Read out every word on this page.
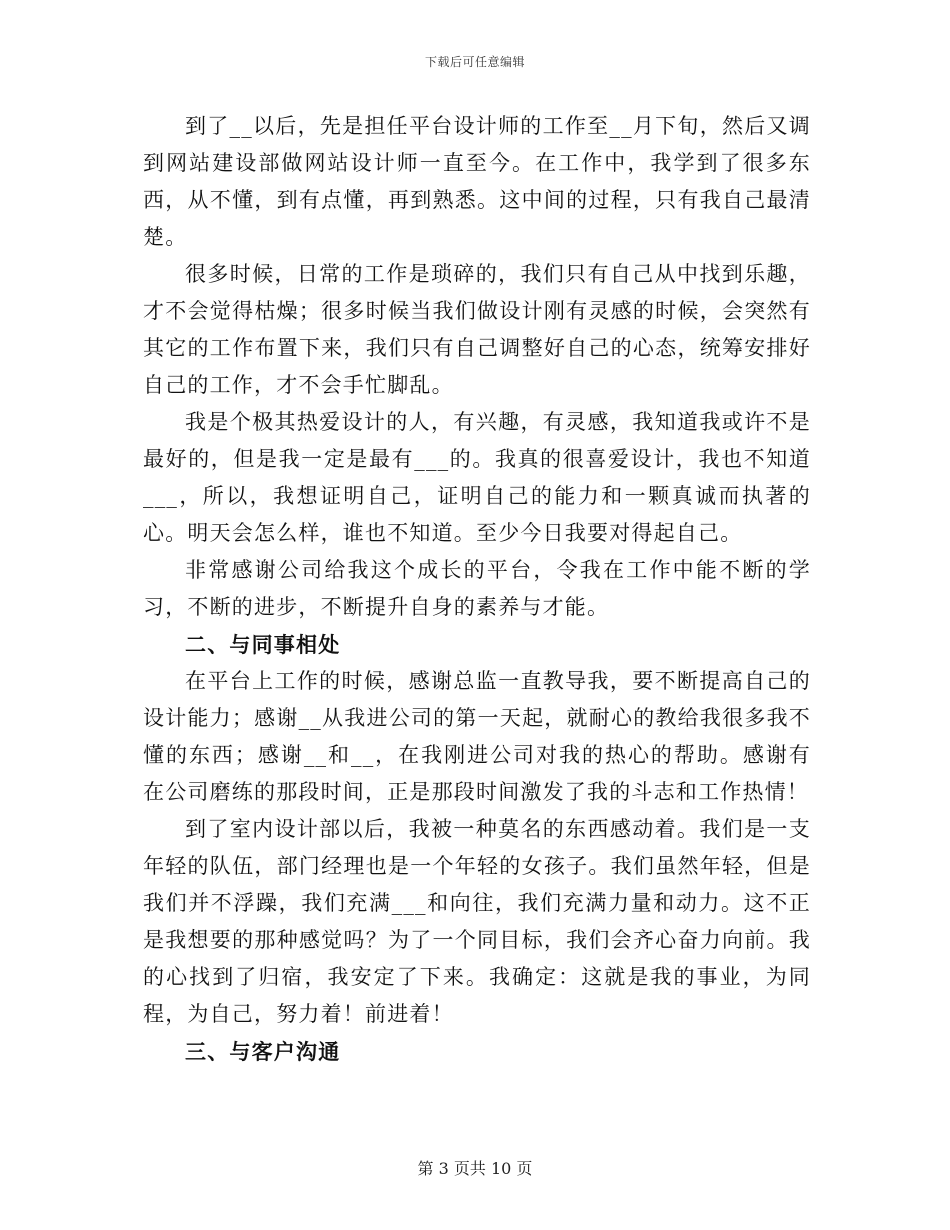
下载后可任意编辑

到了__以后，先是担任平台设计师的工作至__月下旬，然后又调到网站建设部做网站设计师一直至今。在工作中，我学到了很多东西，从不懂，到有点懂，再到熟悉。这中间的过程，只有我自己最清楚。

很多时候，日常的工作是琐碎的，我们只有自己从中找到乐趣，才不会觉得枯燥；很多时候当我们做设计刚有灵感的时候，会突然有其它的工作布置下来，我们只有自己调整好自己的心态，统筹安排好自己的工作，才不会手忙脚乱。

我是个极其热爱设计的人，有兴趣，有灵感，我知道我或许不是最好的，但是我一定是最有___的。我真的很喜爱设计，我也不知道___，所以，我想证明自己，证明自己的能力和一颗真诚而执著的心。明天会怎么样，谁也不知道。至少今日我要对得起自己。

非常感谢公司给我这个成长的平台，令我在工作中能不断的学习，不断的进步，不断提升自身的素养与才能。

二、与同事相处

在平台上工作的时候，感谢总监一直教导我，要不断提高自己的设计能力；感谢__从我进公司的第一天起，就耐心的教给我很多我不懂的东西；感谢__和__，在我刚进公司对我的热心的帮助。感谢有在公司磨练的那段时间，正是那段时间激发了我的斗志和工作热情！

到了室内设计部以后，我被一种莫名的东西感动着。我们是一支年轻的队伍，部门经理也是一个年轻的女孩子。我们虽然年轻，但是我们并不浮躁，我们充满___和向往，我们充满力量和动力。这不正是我想要的那种感觉吗？为了一个同目标，我们会齐心奋力向前。我的心找到了归宿，我安定了下来。我确定：这就是我的事业，为同程，为自己，努力着！前进着！

三、与客户沟通

第 3 页共 10 页
